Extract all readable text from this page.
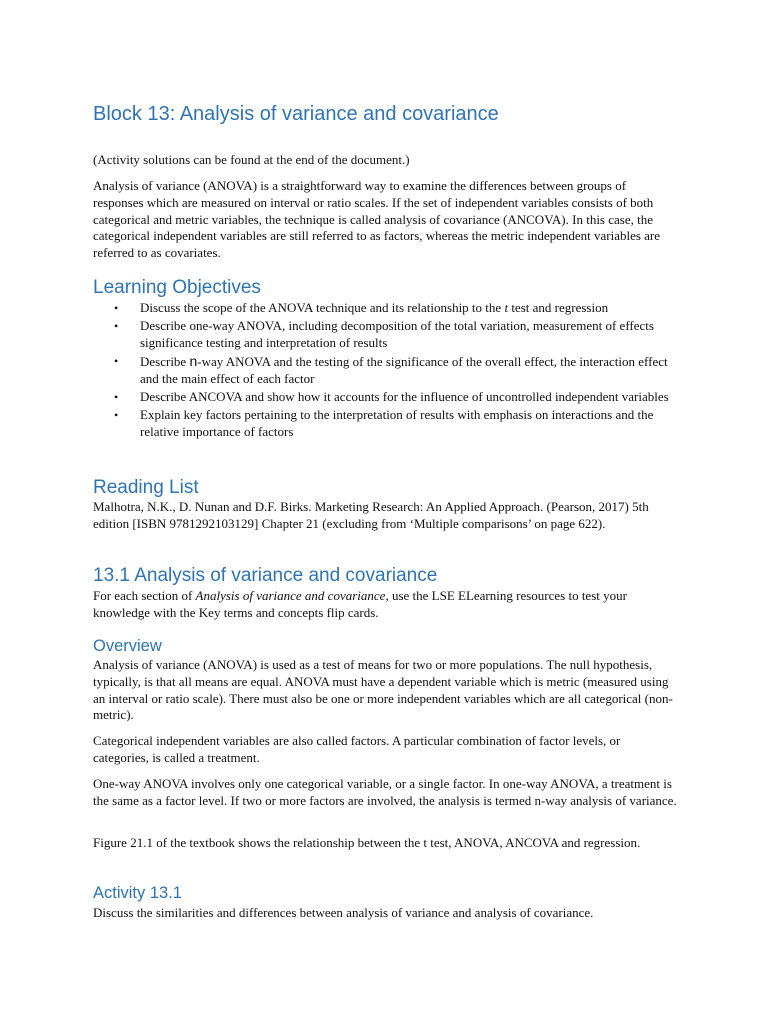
Block 13: Analysis of variance and covariance

(Activity solutions can be found at the end of the document.)

Analysis of variance (ANOVA) is a straightforward way to examine the differences between groups of responses which are measured on interval or ratio scales. If the set of independent variables consists of both categorical and metric variables, the technique is called analysis of covariance (ANCOVA). In this case, the categorical independent variables are still referred to as factors, whereas the metric independent variables are referred to as covariates.

Learning Objectives
• Discuss the scope of the ANOVA technique and its relationship to the t test and regression
• Describe one-way ANOVA, including decomposition of the total variation, measurement of effects significance testing and interpretation of results
• Describe n-way ANOVA and the testing of the significance of the overall effect, the interaction effect and the main effect of each factor
• Describe ANCOVA and show how it accounts for the influence of uncontrolled independent variables
• Explain key factors pertaining to the interpretation of results with emphasis on interactions and the relative importance of factors
Reading List

Malhotra, N.K., D. Nunan and D.F. Birks. Marketing Research: An Applied Approach. (Pearson, 2017) 5th edition [ISBN 9781292103129] Chapter 21 (excluding from ‘Multiple comparisons’ on page 622).

13.1 Analysis of variance and covariance

For each section of Analysis of variance and covariance, use the LSE ELearning resources to test your knowledge with the Key terms and concepts flip cards.

Overview

Analysis of variance (ANOVA) is used as a test of means for two or more populations. The null hypothesis, typically, is that all means are equal. ANOVA must have a dependent variable which is metric (measured using an interval or ratio scale). There must also be one or more independent variables which are all categorical (non-metric).

Categorical independent variables are also called factors. A particular combination of factor levels, or categories, is called a treatment.

One-way ANOVA involves only one categorical variable, or a single factor. In one-way ANOVA, a treatment is the same as a factor level. If two or more factors are involved, the analysis is termed n-way analysis of variance.

Figure 21.1 of the textbook shows the relationship between the t test, ANOVA, ANCOVA and regression.

Activity 13.1

Discuss the similarities and differences between analysis of variance and analysis of covariance.
